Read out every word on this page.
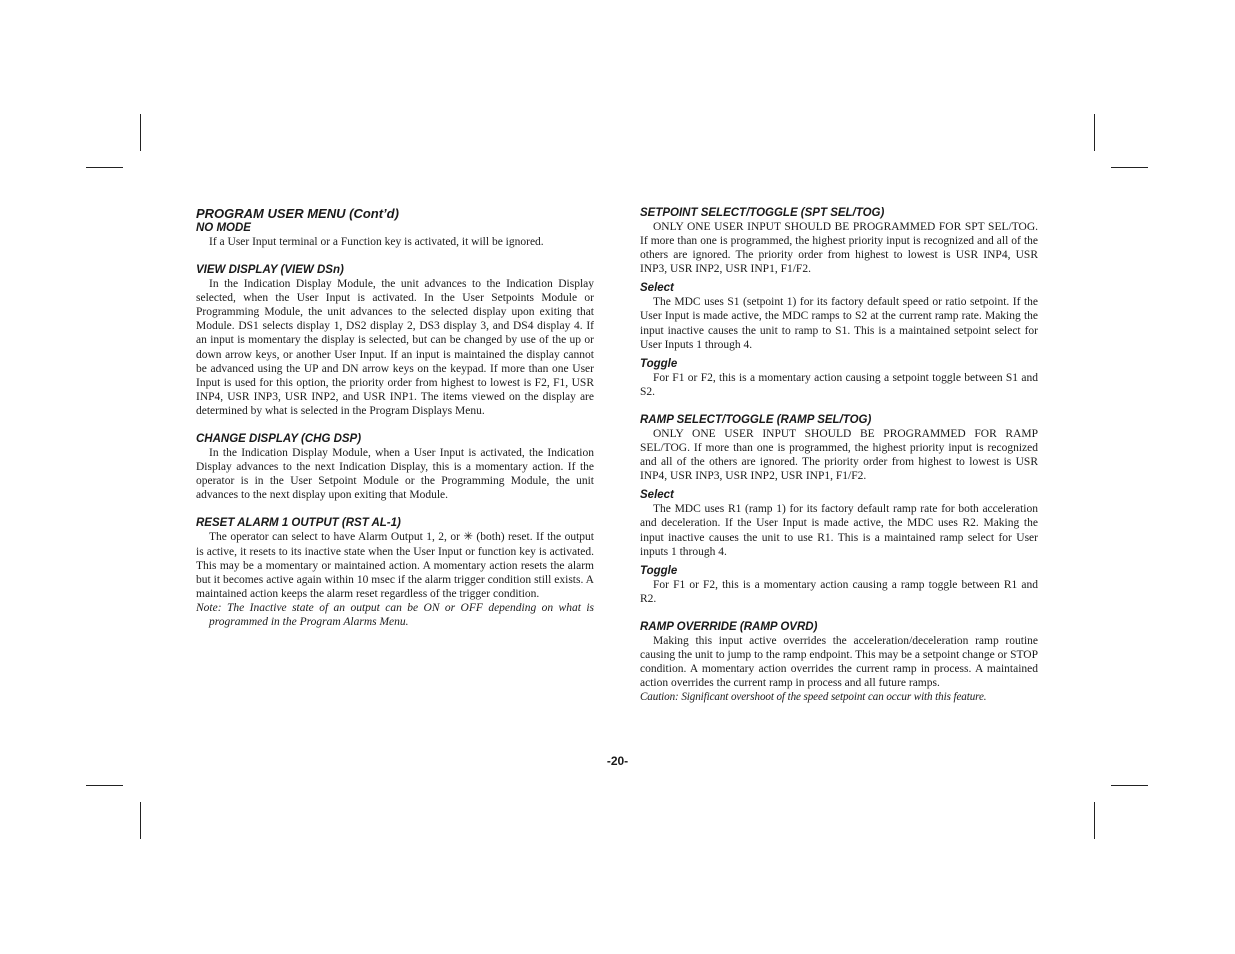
PROGRAM USER MENU (Cont’d)
NO MODE

If a User Input terminal or a Function key is activated, it will be ignored.

VIEW DISPLAY (VIEW DSn)

In the Indication Display Module, the unit advances to the Indication Display selected, when the User Input is activated. In the User Setpoints Module or Programming Module, the unit advances to the selected display upon exiting that Module. DS1 selects display 1, DS2 display 2, DS3 display 3, and DS4 display 4. If an input is momentary the display is selected, but can be changed by use of the up or down arrow keys, or another User Input. If an input is maintained the display cannot be advanced using the UP and DN arrow keys on the keypad. If more than one User Input is used for this option, the priority order from highest to lowest is F2, F1, USR INP4, USR INP3, USR INP2, and USR INP1. The items viewed on the display are determined by what is selected in the Program Displays Menu.

CHANGE DISPLAY (CHG DSP)

In the Indication Display Module, when a User Input is activated, the Indication Display advances to the next Indication Display, this is a momentary action. If the operator is in the User Setpoint Module or the Programming Module, the unit advances to the next display upon exiting that Module.

RESET ALARM 1 OUTPUT (RST AL-1)

The operator can select to have Alarm Output 1, 2, or ✳ (both) reset. If the output is active, it resets to its inactive state when the User Input or function key is activated. This may be a momentary or maintained action. A momentary action resets the alarm but it becomes active again within 10 msec if the alarm trigger condition still exists. A maintained action keeps the alarm reset regardless of the trigger condition.

Note: The Inactive state of an output can be ON or OFF depending on what is programmed in the Program Alarms Menu.

SETPOINT SELECT/TOGGLE (SPT SEL/TOG)

ONLY ONE USER INPUT SHOULD BE PROGRAMMED FOR SPT SEL/TOG. If more than one is programmed, the highest priority input is recognized and all of the others are ignored. The priority order from highest to lowest is USR INP4, USR INP3, USR INP2, USR INP1, F1/F2.

Select

The MDC uses S1 (setpoint 1) for its factory default speed or ratio setpoint. If the User Input is made active, the MDC ramps to S2 at the current ramp rate. Making the input inactive causes the unit to ramp to S1. This is a maintained setpoint select for User Inputs 1 through 4.

Toggle

For F1 or F2, this is a momentary action causing a setpoint toggle between S1 and S2.

RAMP SELECT/TOGGLE (RAMP SEL/TOG)

ONLY ONE USER INPUT SHOULD BE PROGRAMMED FOR RAMP SEL/TOG. If more than one is programmed, the highest priority input is recognized and all of the others are ignored. The priority order from highest to lowest is USR INP4, USR INP3, USR INP2, USR INP1, F1/F2.

Select

The MDC uses R1 (ramp 1) for its factory default ramp rate for both acceleration and deceleration. If the User Input is made active, the MDC uses R2. Making the input inactive causes the unit to use R1. This is a maintained ramp select for User inputs 1 through 4.

Toggle

For F1 or F2, this is a momentary action causing a ramp toggle between R1 and R2.

RAMP OVERRIDE (RAMP OVRD)

Making this input active overrides the acceleration/deceleration ramp routine causing the unit to jump to the ramp endpoint. This may be a setpoint change or STOP condition. A momentary action overrides the current ramp in process. A maintained action overrides the current ramp in process and all future ramps.

Caution: Significant overshoot of the speed setpoint can occur with this feature.

-20-
